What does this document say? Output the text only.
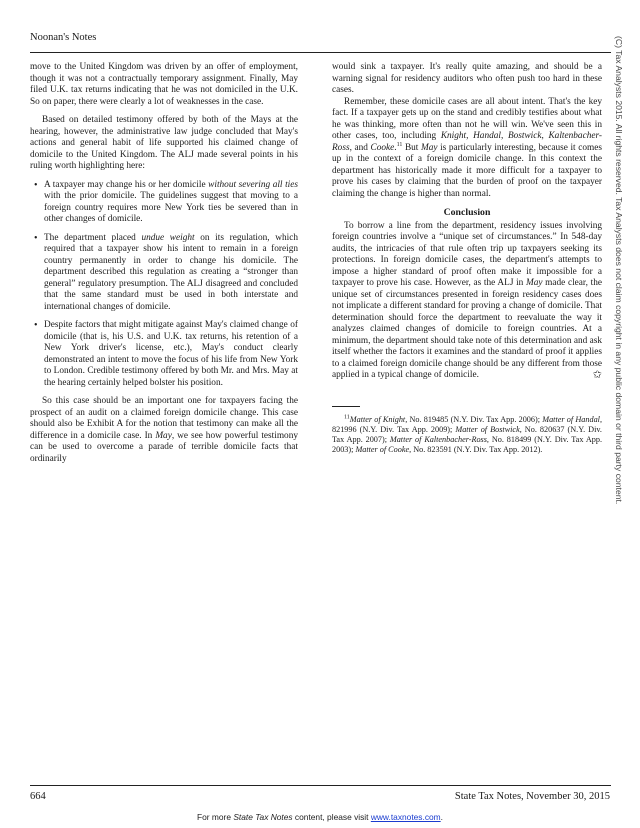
Noonan's Notes

move to the United Kingdom was driven by an offer of employment, though it was not a contractually temporary assignment. Finally, May filed U.K. tax returns indicating that he was not domiciled in the U.K. So on paper, there were clearly a lot of weaknesses in the case.

Based on detailed testimony offered by both of the Mays at the hearing, however, the administrative law judge concluded that May's actions and general habit of life supported his claimed change of domicile to the United Kingdom. The ALJ made several points in his ruling worth highlighting here:

• A taxpayer may change his or her domicile without severing all ties with the prior domicile. The guidelines suggest that moving to a foreign country requires more New York ties be severed than in other changes of domicile.
• The department placed undue weight on its regulation, which required that a taxpayer show his intent to remain in a foreign country permanently in order to change his domicile. The department described this regulation as creating a “stronger than general” regulatory presumption. The ALJ disagreed and concluded that the same standard must be used in both interstate and international changes of domicile.
• Despite factors that might mitigate against May's claimed change of domicile (that is, his U.S. and U.K. tax returns, his retention of a New York driver's license, etc.), May's conduct clearly demonstrated an intent to move the focus of his life from New York to London. Credible testimony offered by both Mr. and Mrs. May at the hearing certainly helped bolster his position.

So this case should be an important one for taxpayers facing the prospect of an audit on a claimed foreign domicile change. This case should also be Exhibit A for the notion that testimony can make all the difference in a domicile case. In May, we see how powerful testimony can be used to overcome a parade of terrible domicile facts that ordinarily

would sink a taxpayer. It's really quite amazing, and should be a warning signal for residency auditors who often push too hard in these cases.

Remember, these domicile cases are all about intent. That's the key fact. If a taxpayer gets up on the stand and credibly testifies about what he was thinking, more often than not he will win. We've seen this in other cases, too, including Knight, Handal, Bostwick, Kaltenbacher-Ross, and Cooke.$^{11}$ But May is particularly interesting, because it comes up in the context of a foreign domicile change. In this context the department has historically made it more difficult for a taxpayer to prove his cases by claiming that the burden of proof on the taxpayer claiming the change is higher than normal.

Conclusion

To borrow a line from the department, residency issues involving foreign countries involve a “unique set of circumstances.” In 548-day audits, the intricacies of that rule often trip up taxpayers seeking its protections. In foreign domicile cases, the department's attempts to impose a higher standard of proof often make it impossible for a taxpayer to prove his case. However, as the ALJ in May made clear, the unique set of circumstances presented in foreign residency cases does not implicate a different standard for proving a change of domicile. That determination should force the department to reevaluate the way it analyzes claimed changes of domicile to foreign countries. At a minimum, the department should take note of this determination and ask itself whether the factors it examines and the standard of proof it applies to a claimed foreign domicile change should be any different from those applied in a typical change of domicile.	✩

$^{11}$Matter of Knight, No. 819485 (N.Y. Div. Tax App. 2006); Matter of Handal, 821996 (N.Y. Div. Tax App. 2009); Matter of Bostwick, No. 820637 (N.Y. Div. Tax App. 2007); Matter of Kaltenbacher-Ross, No. 818499 (N.Y. Div. Tax App. 2003); Matter of Cooke, No. 823591 (N.Y. Div. Tax App. 2012).	(C) Tax Analysts 2015. All rights reserved. Tax Analysts does not claim copyright in any public domain or third party content.
664	State Tax Notes, November 30, 2015
For more State Tax Notes content, please visit www.taxnotes.com.
